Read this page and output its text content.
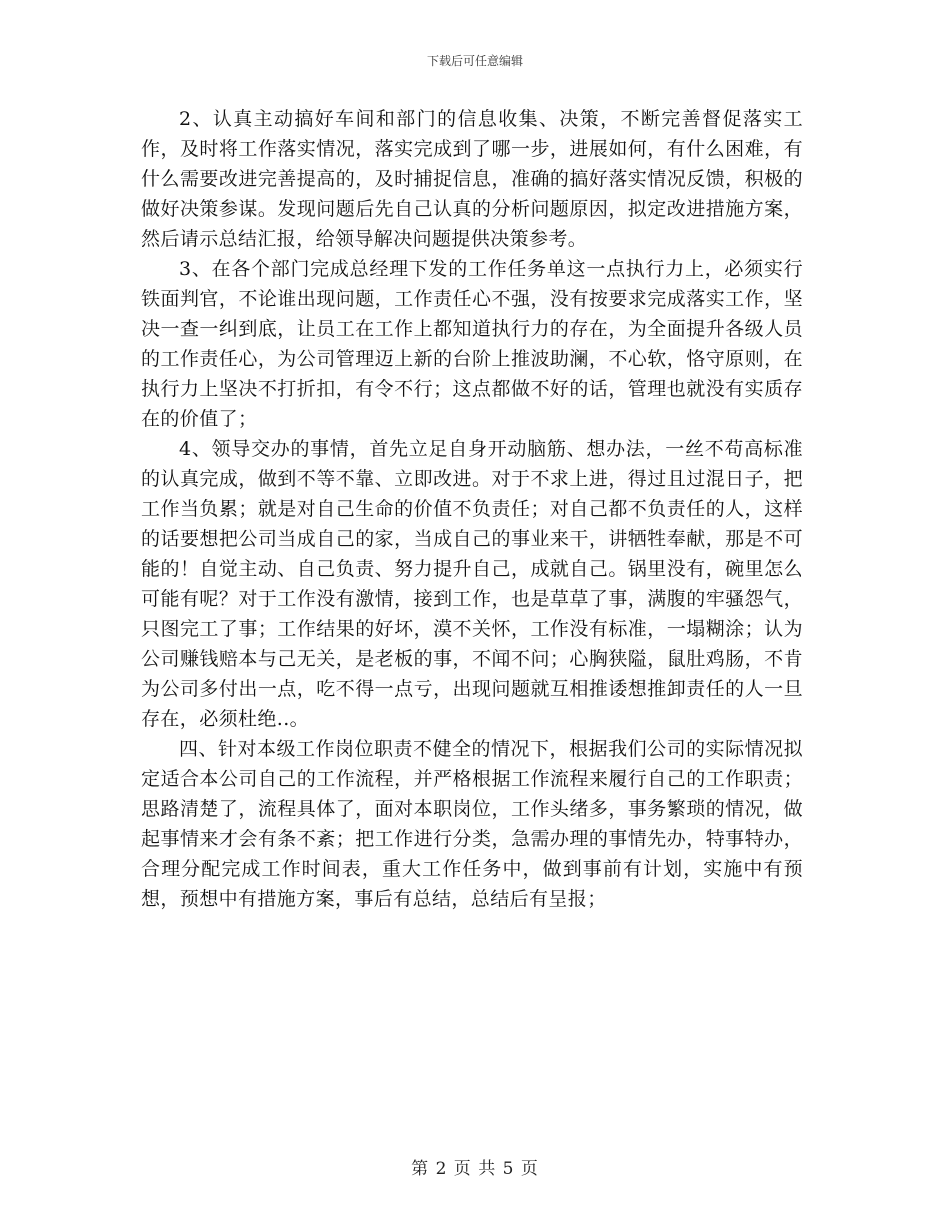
下载后可任意编辑

2、认真主动搞好车间和部门的信息收集、决策，不断完善督促落实工作，及时将工作落实情况，落实完成到了哪一步，进展如何，有什么困难，有什么需要改进完善提高的，及时捕捉信息，准确的搞好落实情况反馈，积极的做好决策参谋。发现问题后先自己认真的分析问题原因，拟定改进措施方案，然后请示总结汇报，给领导解决问题提供决策参考。

3、在各个部门完成总经理下发的工作任务单这一点执行力上，必须实行铁面判官，不论谁出现问题，工作责任心不强，没有按要求完成落实工作，坚决一查一纠到底，让员工在工作上都知道执行力的存在，为全面提升各级人员的工作责任心，为公司管理迈上新的台阶上推波助澜，不心软，恪守原则，在执行力上坚决不打折扣，有令不行；这点都做不好的话，管理也就没有实质存在的价值了；

4、领导交办的事情，首先立足自身开动脑筋、想办法，一丝不苟高标准的认真完成，做到不等不靠、立即改进。对于不求上进，得过且过混日子，把工作当负累；就是对自己生命的价值不负责任；对自己都不负责任的人，这样的话要想把公司当成自己的家，当成自己的事业来干，讲牺牲奉献，那是不可能的！自觉主动、自己负责、努力提升自己，成就自己。锅里没有，碗里怎么可能有呢？对于工作没有激情，接到工作，也是草草了事，满腹的牢骚怨气，只图完工了事；工作结果的好坏，漠不关怀，工作没有标准，一塌糊涂；认为公司赚钱赔本与己无关，是老板的事，不闻不问；心胸狭隘，鼠肚鸡肠，不肯为公司多付出一点，吃不得一点亏，出现问题就互相推诿想推卸责任的人一旦存在，必须杜绝..。

四、针对本级工作岗位职责不健全的情况下，根据我们公司的实际情况拟定适合本公司自己的工作流程，并严格根据工作流程来履行自己的工作职责；思路清楚了，流程具体了，面对本职岗位，工作头绪多，事务繁琐的情况，做起事情来才会有条不紊；把工作进行分类，急需办理的事情先办，特事特办，合理分配完成工作时间表，重大工作任务中，做到事前有计划，实施中有预想，预想中有措施方案，事后有总结，总结后有呈报；

第 2 页 共 5 页
